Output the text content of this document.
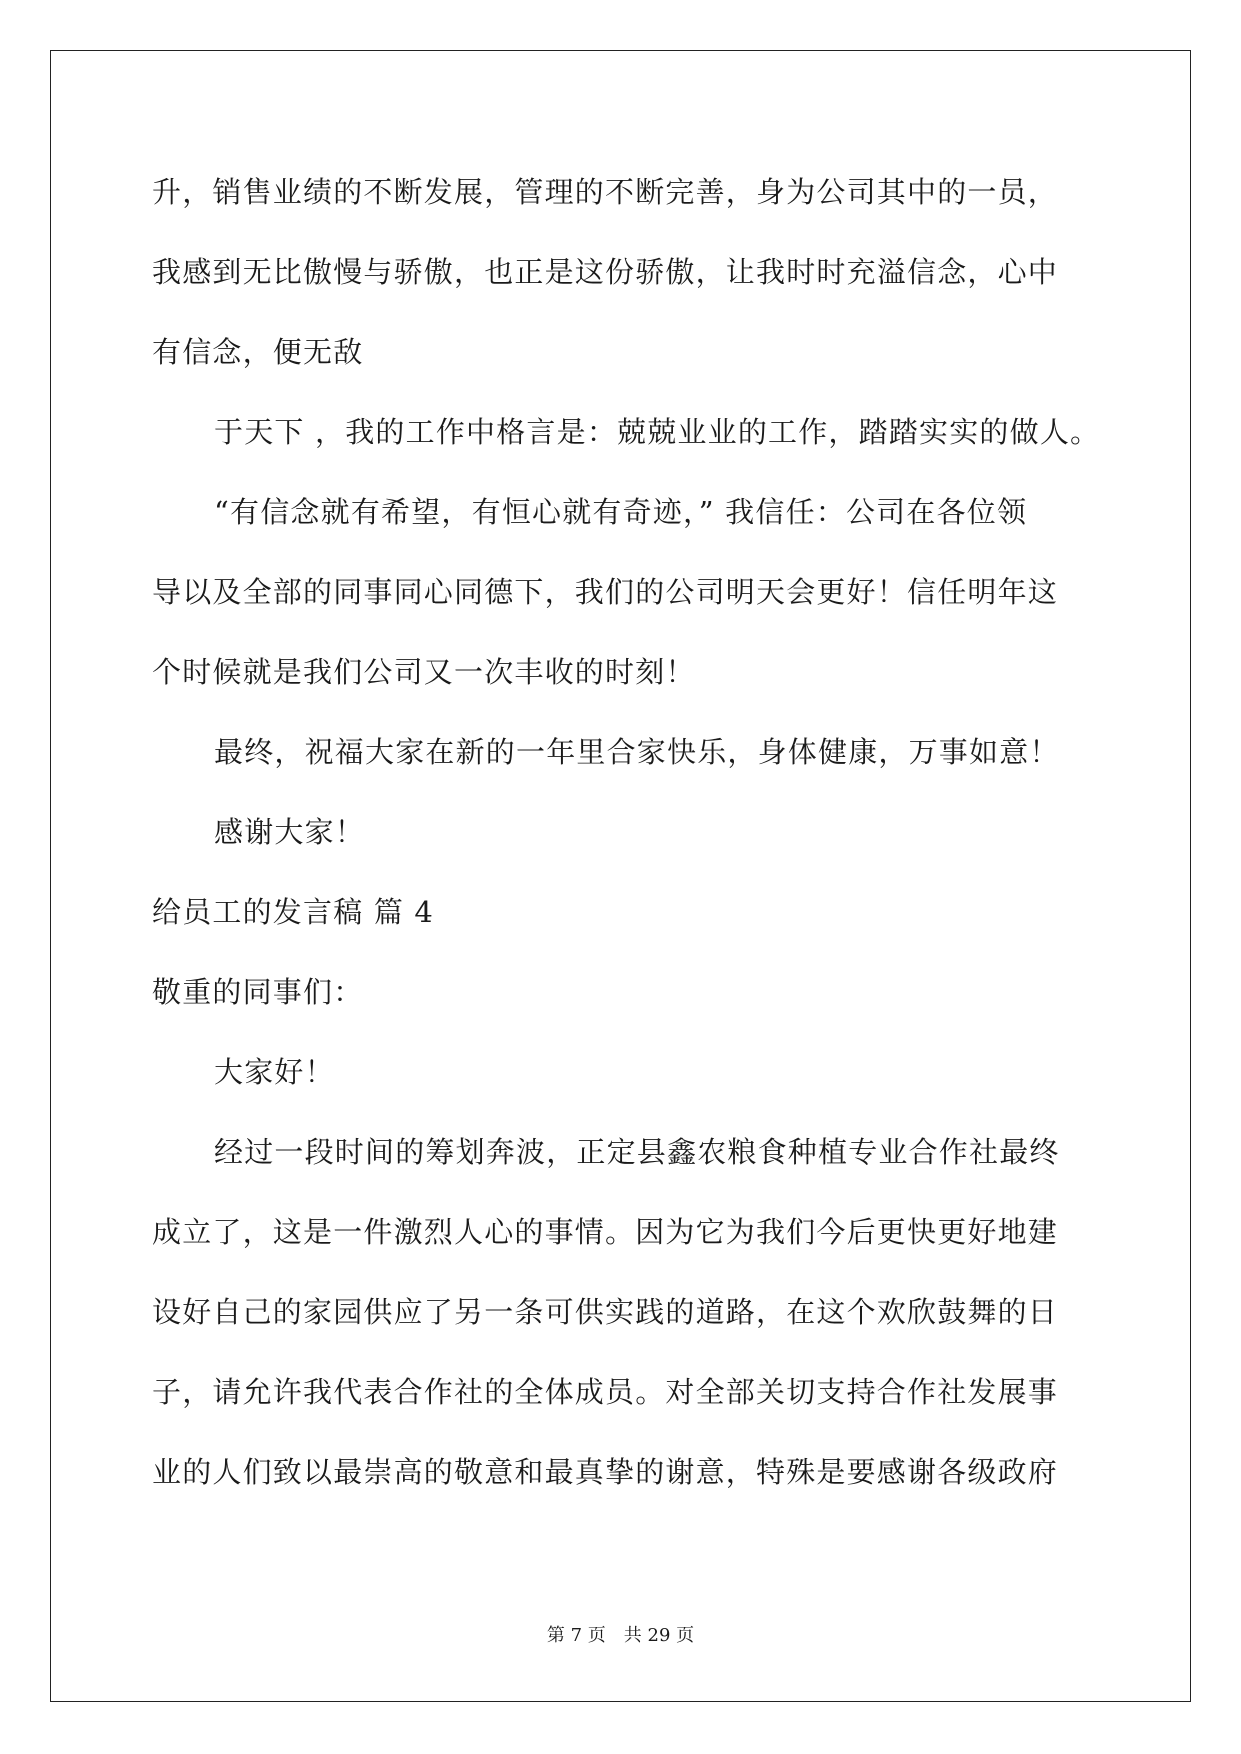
升，销售业绩的不断发展，管理的不断完善，身为公司其中的一员，
我感到无比傲慢与骄傲，也正是这份骄傲，让我时时充溢信念，心中
有信念，便无敌
于天下 ，我的工作中格言是：兢兢业业的工作，踏踏实实的做人。
“有信念就有希望，有恒心就有奇迹，” 我信任：公司在各位领
导以及全部的同事同心同德下，我们的公司明天会更好！信任明年这
个时候就是我们公司又一次丰收的时刻！
最终，祝福大家在新的一年里合家快乐，身体健康，万事如意！
感谢大家！
给员工的发言稿 篇 4
敬重的同事们：
大家好！
经过一段时间的筹划奔波，正定县鑫农粮食种植专业合作社最终
成立了，这是一件激烈人心的事情。因为它为我们今后更快更好地建
设好自己的家园供应了另一条可供实践的道路，在这个欢欣鼓舞的日
子，请允许我代表合作社的全体成员。对全部关切支持合作社发展事
业的人们致以最崇高的敬意和最真挚的谢意，特殊是要感谢各级政府
第 7 页 共 29 页
